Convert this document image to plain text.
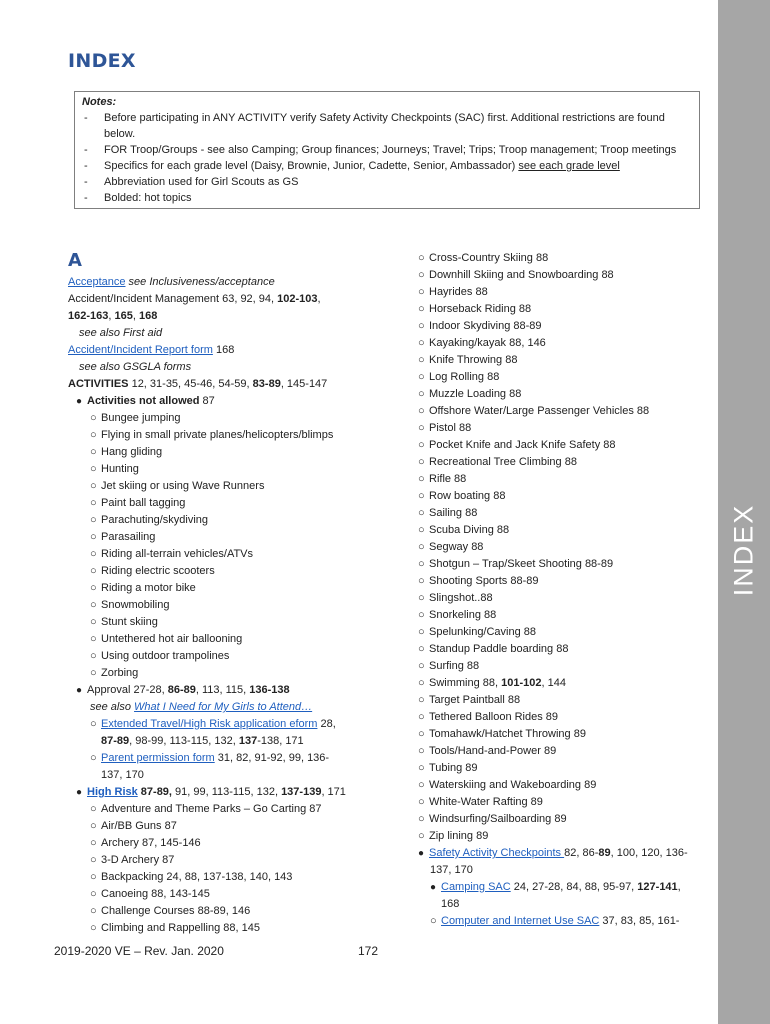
INDEX
Notes:
-	Before participating in ANY ACTIVITY verify Safety Activity Checkpoints (SAC) first. Additional restrictions are found below.
-	FOR Troop/Groups - see also Camping; Group finances; Journeys; Travel; Trips; Troop management; Troop meetings
-	Specifics for each grade level (Daisy, Brownie, Junior, Cadette, Senior, Ambassador) see each grade level
-	Abbreviation used for Girl Scouts as GS
-	Bolded: hot topics
A
Acceptance see Inclusiveness/acceptance
Accident/Incident Management 63, 92, 94, 102-103,
162-163, 165, 168
see also First aid
Accident/Incident Report form 168
see also GSGLA forms
ACTIVITIES 12, 31-35, 45-46, 54-59, 83-89, 145-147
● Activities not allowed 87
○ Bungee jumping
○ Flying in small private planes/helicopters/blimps
○ Hang gliding
○ Hunting
○ Jet skiing or using Wave Runners
○ Paint ball tagging
○ Parachuting/skydiving
○ Parasailing
○ Riding all-terrain vehicles/ATVs
○ Riding electric scooters
○ Riding a motor bike
○ Snowmobiling
○ Stunt skiing
○ Untethered hot air ballooning
○ Using outdoor trampolines
○ Zorbing
● Approval 27-28, 86-89, 113, 115, 136-138
see also What I Need for My Girls to Attend…
○ Extended Travel/High Risk application eform 28,
87-89, 98-99, 113-115, 132, 137-138, 171
○ Parent permission form 31, 82, 91-92, 99, 136-
137, 170
● High Risk 87-89, 91, 99, 113-115, 132, 137-139, 171
○ Adventure and Theme Parks – Go Carting 87
○ Air/BB Guns 87
○ Archery 87, 145-146
○ 3-D Archery 87
○ Backpacking 24, 88, 137-138, 140, 143
○ Canoeing 88, 143-145
○ Challenge Courses 88-89, 146
○ Climbing and Rappelling 88, 145
○ Cross-Country Skiing 88
○ Downhill Skiing and Snowboarding 88
○ Hayrides 88
○ Horseback Riding 88
○ Indoor Skydiving 88-89
○ Kayaking/kayak 88, 146
○ Knife Throwing 88
○ Log Rolling 88
○ Muzzle Loading 88
○ Offshore Water/Large Passenger Vehicles 88
○ Pistol 88
○ Pocket Knife and Jack Knife Safety 88
○ Recreational Tree Climbing 88
○ Rifle 88
○ Row boating 88
○ Sailing 88
○ Scuba Diving 88
○ Segway 88
○ Shotgun – Trap/Skeet Shooting 88-89
○ Shooting Sports 88-89
○ Slingshot..88
○ Snorkeling 88
○ Spelunking/Caving 88
○ Standup Paddle boarding 88
○ Surfing 88
○ Swimming 88, 101-102, 144
○ Target Paintball 88
○ Tethered Balloon Rides 89
○ Tomahawk/Hatchet Throwing 89
○ Tools/Hand-and-Power 89
○ Tubing 89
○ Waterskiing and Wakeboarding 89
○ White-Water Rafting 89
○ Windsurfing/Sailboarding 89
○ Zip lining 89
● Safety Activity Checkpoints 82, 86-89, 100, 120, 136-
137, 170
● Camping SAC 24, 27-28, 84, 88, 95-97, 127-141,
168
○ Computer and Internet Use SAC 37, 83, 85, 161-
2019-2020 VE – Rev. Jan. 2020	172
INDEX
